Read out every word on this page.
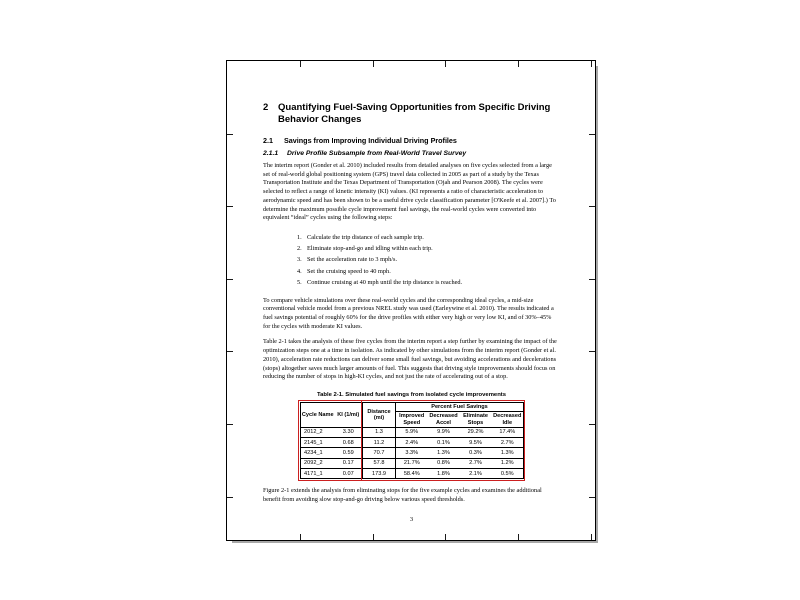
2	Quantifying Fuel-Saving Opportunities from Specific Driving Behavior Changes
2.1	Savings from Improving Individual Driving Profiles
2.1.1	Drive Profile Subsample from Real-World Travel Survey

The interim report (Gonder et al. 2010) included results from detailed analyses on five cycles selected from a large set of real-world global positioning system (GPS) travel data collected in 2005 as part of a study by the Texas Transportation Institute and the Texas Department of Transportation (Ojah and Pearson 2008). The cycles were selected to reflect a range of kinetic intensity (KI) values. (KI represents a ratio of characteristic acceleration to aerodynamic speed and has been shown to be a useful drive cycle classification parameter [O'Keefe et al. 2007].) To determine the maximum possible cycle improvement fuel savings, the real-world cycles were converted into equivalent “ideal” cycles using the following steps:

1. Calculate the trip distance of each sample trip.
2. Eliminate stop-and-go and idling within each trip.
3. Set the acceleration rate to 3 mph/s.
4. Set the cruising speed to 40 mph.
5. Continue cruising at 40 mph until the trip distance is reached.

To compare vehicle simulations over these real-world cycles and the corresponding ideal cycles, a mid-size conventional vehicle model from a previous NREL study was used (Earleywine et al. 2010). The results indicated a fuel savings potential of roughly 60% for the drive profiles with either very high or very low KI, and of 30%–45% for the cycles with moderate KI values.

Table 2-1 takes the analysis of these five cycles from the interim report a step further by examining the impact of the optimization steps one at a time in isolation. As indicated by other simulations from the interim report (Gonder et al. 2010), acceleration rate reductions can deliver some small fuel savings, but avoiding accelerations and decelerations (stops) altogether saves much larger amounts of fuel. This suggests that driving style improvements should focus on reducing the number of stops in high-KI cycles, and not just the rate of accelerating out of a stop.

Table 2-1. Simulated fuel savings from isolated cycle improvements
Cycle Name	KI (1/mi)	Distance (mi)	Percent Fuel Savings			
			Improved Speed	Decreased Accel	Eliminate Stops	Decreased Idle
2012_2	3.30	1.3	5.9%	9.9%	29.2%	17.4%
2145_1	0.68	11.2	2.4%	0.1%	9.5%	2.7%
4234_1	0.59	70.7	3.3%	1.3%	0.3%	1.3%
2092_2	0.17	57.8	21.7%	0.8%	2.7%	1.2%
4171_1	0.07	173.9	58.4%	1.8%	2.1%	0.5%

Figure 2-1 extends the analysis from eliminating stops for the five example cycles and examines the additional benefit from avoiding slow stop-and-go driving below various speed thresholds.

3
